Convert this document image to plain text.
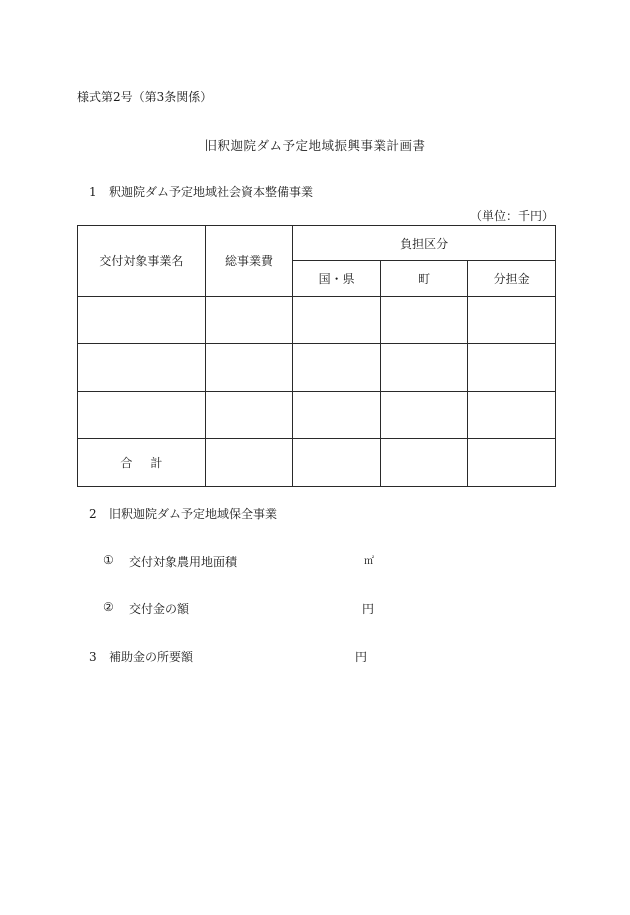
様式第2号（第3条関係）
旧釈迦院ダム予定地域振興事業計画書
1 釈迦院ダム予定地域社会資本整備事業
（単位：千円）
交付対象事業名	総事業費	負担区分		
		国・県	町	分担金

合計				
2 旧釈迦院ダム予定地域保全事業
① 交付対象農用地面積	㎡
② 交付金の額	円
3 補助金の所要額	円
